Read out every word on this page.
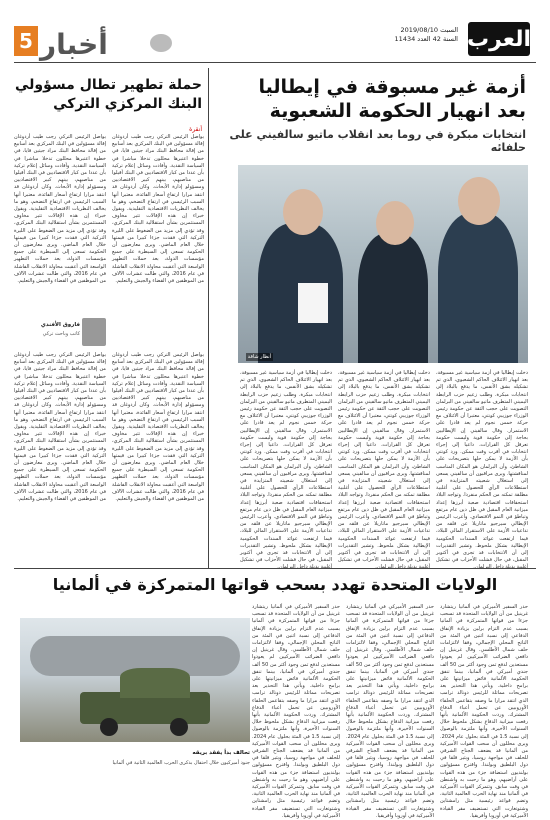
العرب
السبت 2019/08/10
السنة 42 العدد 11434
أخبار
5
أزمة غير مسبوقة في إيطاليا
بعد انهيار الحكومة الشعبوية
انتخابات مبكرة في روما بعد انقلاب ماتيو سالفيني على حلفائه
حملة تطهير تطال مسؤولي
البنك المركزي التركي
أنقرة
يواصل الرئيس التركي رجب طيب أردوغان إقالة مسؤولين في البنك المركزي بعد أسابيع من إقالة محافظ البنك مراد جيتين قايا، في خطوة اعتبرها محللون تدخلا مباشرا في السياسة النقدية. وأفادت وسائل إعلام تركية بأن عددا من كبار الاقتصاديين في البنك أقيلوا من مناصبهم، بينهم كبير الاقتصاديين ومسؤولو إدارة الأبحاث. وكان أردوغان قد انتقد مرارا ارتفاع أسعار الفائدة، معتبرا أنها السبب الرئيسي في ارتفاع التضخم، وهو ما يخالف النظريات الاقتصادية التقليدية. ويقول خبراء إن هذه الإقالات تثير مخاوف المستثمرين بشأن استقلالية البنك المركزي، وقد تؤدي إلى مزيد من الضغوط على الليرة التركية التي فقدت جزءا كبيرا من قيمتها خلال العام الماضي. ويرى معارضون أن الحكومة تسعى إلى السيطرة على جميع مؤسسات الدولة، بعد حملات التطهير الواسعة التي أعقبت محاولة الانقلاب الفاشلة في عام 2016، والتي طالت عشرات الآلاف من الموظفين في القضاء والجيش والتعليم.
يواصل الرئيس التركي رجب طيب أردوغان إقالة مسؤولين في البنك المركزي بعد أسابيع من إقالة محافظ البنك مراد جيتين قايا، في خطوة اعتبرها محللون تدخلا مباشرا في السياسة النقدية. وأفادت وسائل إعلام تركية بأن عددا من كبار الاقتصاديين في البنك أقيلوا من مناصبهم، بينهم كبير الاقتصاديين ومسؤولو إدارة الأبحاث. وكان أردوغان قد انتقد مرارا ارتفاع أسعار الفائدة، معتبرا أنها السبب الرئيسي في ارتفاع التضخم، وهو ما يخالف النظريات الاقتصادية التقليدية. ويقول خبراء إن هذه الإقالات تثير مخاوف المستثمرين بشأن استقلالية البنك المركزي، وقد تؤدي إلى مزيد من الضغوط على الليرة التركية التي فقدت جزءا كبيرا من قيمتها خلال العام الماضي. ويرى معارضون أن الحكومة تسعى إلى السيطرة على جميع مؤسسات الدولة، بعد حملات التطهير الواسعة التي أعقبت محاولة الانقلاب الفاشلة في عام 2016، والتي طالت عشرات الآلاف من الموظفين في القضاء والجيش والتعليم.
فاروق الأفندي
كاتب وباحث تركي
يواصل الرئيس التركي رجب طيب أردوغان إقالة مسؤولين في البنك المركزي بعد أسابيع من إقالة محافظ البنك مراد جيتين قايا، في خطوة اعتبرها محللون تدخلا مباشرا في السياسة النقدية. وأفادت وسائل إعلام تركية بأن عددا من كبار الاقتصاديين في البنك أقيلوا من مناصبهم، بينهم كبير الاقتصاديين ومسؤولو إدارة الأبحاث. وكان أردوغان قد انتقد مرارا ارتفاع أسعار الفائدة، معتبرا أنها السبب الرئيسي في ارتفاع التضخم، وهو ما يخالف النظريات الاقتصادية التقليدية. ويقول خبراء إن هذه الإقالات تثير مخاوف المستثمرين بشأن استقلالية البنك المركزي، وقد تؤدي إلى مزيد من الضغوط على الليرة التركية التي فقدت جزءا كبيرا من قيمتها خلال العام الماضي. ويرى معارضون أن الحكومة تسعى إلى السيطرة على جميع مؤسسات الدولة، بعد حملات التطهير الواسعة التي أعقبت محاولة الانقلاب الفاشلة في عام 2016، والتي طالت عشرات الآلاف من الموظفين في القضاء والجيش والتعليم.
يواصل الرئيس التركي رجب طيب أردوغان إقالة مسؤولين في البنك المركزي بعد أسابيع من إقالة محافظ البنك مراد جيتين قايا، في خطوة اعتبرها محللون تدخلا مباشرا في السياسة النقدية. وأفادت وسائل إعلام تركية بأن عددا من كبار الاقتصاديين في البنك أقيلوا من مناصبهم، بينهم كبير الاقتصاديين ومسؤولو إدارة الأبحاث. وكان أردوغان قد انتقد مرارا ارتفاع أسعار الفائدة، معتبرا أنها السبب الرئيسي في ارتفاع التضخم، وهو ما يخالف النظريات الاقتصادية التقليدية. ويقول خبراء إن هذه الإقالات تثير مخاوف المستثمرين بشأن استقلالية البنك المركزي، وقد تؤدي إلى مزيد من الضغوط على الليرة التركية التي فقدت جزءا كبيرا من قيمتها خلال العام الماضي. ويرى معارضون أن الحكومة تسعى إلى السيطرة على جميع مؤسسات الدولة، بعد حملات التطهير الواسعة التي أعقبت محاولة الانقلاب الفاشلة في عام 2016، والتي طالت عشرات الآلاف من الموظفين في القضاء والجيش والتعليم.
أنظار شاقة
دخلت إيطاليا في أزمة سياسية غير مسبوقة، بعد انهيار الائتلاف الحاكم الشعبوي، الذي تم تشكيله بشق الأنفس، ما يدفع بالبلاد إلى انتخابات مبكرة. وطلب زعيم حزب الرابطة اليميني المتطرف ماتيو سالفيني من البرلمان التصويت على حجب الثقة عن حكومة رئيس الوزراء جوزيبي كونتي، معتبرا أن الائتلاف مع حركة خمس نجوم لم يعد قادرا على الاستمرار. وقال سالفيني إن الإيطاليين بحاجة إلى حكومة قوية وليست حكومة تعرقل كل القرارات، داعيا إلى إجراء انتخابات في أقرب وقت ممكن. ورد كونتي بأن الأزمة لا يمكن حلها بتصريحات على الشاطئ، وأن البرلمان هو المكان المناسب لمناقشتها. ويرى مراقبون أن سالفيني يسعى إلى استغلال شعبيته المتزايدة في استطلاعات الرأي للحصول على أغلبية مطلقة تمكنه من الحكم منفردا. وتواجه البلاد استحقاقات اقتصادية صعبة أبرزها إعداد ميزانية العام المقبل في ظل دين عام مرتفع وتباطؤ في النمو الاقتصادي. وأعرب الرئيس الإيطالي سيرجيو ماتاريلا عن قلقه من تداعيات الأزمة على الاستقرار المالي للبلاد، فيما ارتفعت عوائد السندات الحكومية الإيطالية بشكل ملحوظ. وتشير التقديرات إلى أن الانتخابات قد تجرى في أكتوبر المقبل، في حال فشلت الأحزاب في تشكيل
دخلت إيطاليا في أزمة سياسية غير مسبوقة، بعد انهيار الائتلاف الحاكم الشعبوي، الذي تم تشكيله بشق الأنفس، ما يدفع بالبلاد إلى انتخابات مبكرة. وطلب زعيم حزب الرابطة اليميني المتطرف ماتيو سالفيني من البرلمان التصويت على حجب الثقة عن حكومة رئيس الوزراء جوزيبي كونتي، معتبرا أن الائتلاف مع حركة خمس نجوم لم يعد قادرا على الاستمرار. وقال سالفيني إن الإيطاليين بحاجة إلى حكومة قوية وليست حكومة تعرقل كل القرارات، داعيا إلى إجراء انتخابات في أقرب وقت ممكن. ورد كونتي بأن الأزمة لا يمكن حلها بتصريحات على الشاطئ، وأن البرلمان هو المكان المناسب لمناقشتها. ويرى مراقبون أن سالفيني يسعى إلى استغلال شعبيته المتزايدة في استطلاعات الرأي للحصول على أغلبية مطلقة تمكنه من الحكم منفردا. وتواجه البلاد استحقاقات اقتصادية صعبة أبرزها إعداد ميزانية العام المقبل في ظل دين عام مرتفع وتباطؤ في النمو الاقتصادي. وأعرب الرئيس الإيطالي سيرجيو ماتاريلا عن قلقه من تداعيات الأزمة على الاستقرار المالي للبلاد، فيما ارتفعت عوائد السندات الحكومية الإيطالية بشكل ملحوظ. وتشير التقديرات إلى أن الانتخابات قد تجرى في أكتوبر المقبل، في حال فشلت الأحزاب في تشكيل
دخلت إيطاليا في أزمة سياسية غير مسبوقة، بعد انهيار الائتلاف الحاكم الشعبوي، الذي تم تشكيله بشق الأنفس، ما يدفع بالبلاد إلى انتخابات مبكرة. وطلب زعيم حزب الرابطة اليميني المتطرف ماتيو سالفيني من البرلمان التصويت على حجب الثقة عن حكومة رئيس الوزراء جوزيبي كونتي، معتبرا أن الائتلاف مع حركة خمس نجوم لم يعد قادرا على الاستمرار. وقال سالفيني إن الإيطاليين بحاجة إلى حكومة قوية وليست حكومة تعرقل كل القرارات، داعيا إلى إجراء انتخابات في أقرب وقت ممكن. ورد كونتي بأن الأزمة لا يمكن حلها بتصريحات على الشاطئ، وأن البرلمان هو المكان المناسب لمناقشتها. ويرى مراقبون أن سالفيني يسعى إلى استغلال شعبيته المتزايدة في استطلاعات الرأي للحصول على أغلبية مطلقة تمكنه من الحكم منفردا. وتواجه البلاد استحقاقات اقتصادية صعبة أبرزها إعداد ميزانية العام المقبل في ظل دين عام مرتفع وتباطؤ في النمو الاقتصادي. وأعرب الرئيس الإيطالي سيرجيو ماتاريلا عن قلقه من تداعيات الأزمة على الاستقرار المالي للبلاد، فيما ارتفعت عوائد السندات الحكومية الإيطالية بشكل ملحوظ. وتشير التقديرات إلى أن الانتخابات قد تجرى في أكتوبر المقبل، في حال فشلت الأحزاب في تشكيل
الولايات المتحدة تهدد بسحب قواتها المتمركزة في ألمانيا
حذر السفير الأميركي في ألمانيا ريتشارد غرينيل من أن الولايات المتحدة قد تسحب جزءا من قواتها المتمركزة في ألمانيا بسبب عدم التزام برلين بزيادة الإنفاق الدفاعي إلى نسبة اثنين في المئة من الناتج المحلي الإجمالي، وفقا لالتزامات حلف شمال الأطلسي. وقال غرينيل إن دافعي الضرائب الأميركيين لم يعودوا مستعدين لدفع ثمن وجود أكثر من 50 ألف جندي أميركي في ألمانيا، بينما تنفق الحكومة الألمانية فائض ميزانيتها على برامج داخلية. ويأتي هذا التحذير بعد تصريحات مماثلة للرئيس دونالد ترامب الذي انتقد مرارا ما وصفه بتقاعس الحلفاء الأوروبيين عن تحمل أعباء الدفاع المشترك. وردت الحكومة الألمانية بأنها رفعت ميزانية الدفاع بشكل ملحوظ خلال السنوات الأخيرة، وأنها ملتزمة بالوصول إلى نسبة 1.5 في المئة بحلول عام 2024. ويرى محللون أن سحب القوات الأميركية من ألمانيا قد يضعف الجناح الشرقي للحلف في مواجهة روسيا، ويثير قلقا في دول البلطيق وبولندا. واقترح مسؤولون بولنديون استضافة جزء من هذه القوات على أراضيهم، وهو ما رحبت به واشنطن في وقت سابق. وتتمركز القوات الأميركية في ألمانيا منذ نهاية الحرب العالمية الثانية، وتضم قواعد رئيسية مثل رامشتاين وشتوتغارت التي تستضيف مقر القيادة الأميركية في أوروبا وأفريقيا.
حذر السفير الأميركي في ألمانيا ريتشارد غرينيل من أن الولايات المتحدة قد تسحب جزءا من قواتها المتمركزة في ألمانيا بسبب عدم التزام برلين بزيادة الإنفاق الدفاعي إلى نسبة اثنين في المئة من الناتج المحلي الإجمالي، وفقا لالتزامات حلف شمال الأطلسي. وقال غرينيل إن دافعي الضرائب الأميركيين لم يعودوا مستعدين لدفع ثمن وجود أكثر من 50 ألف جندي أميركي في ألمانيا، بينما تنفق الحكومة الألمانية فائض ميزانيتها على برامج داخلية. ويأتي هذا التحذير بعد تصريحات مماثلة للرئيس دونالد ترامب الذي انتقد مرارا ما وصفه بتقاعس الحلفاء الأوروبيين عن تحمل أعباء الدفاع المشترك. وردت الحكومة الألمانية بأنها رفعت ميزانية الدفاع بشكل ملحوظ خلال السنوات الأخيرة، وأنها ملتزمة بالوصول إلى نسبة 1.5 في المئة بحلول عام 2024. ويرى محللون أن سحب القوات الأميركية من ألمانيا قد يضعف الجناح الشرقي للحلف في مواجهة روسيا، ويثير قلقا في دول البلطيق وبولندا. واقترح مسؤولون بولنديون استضافة جزء من هذه القوات على أراضيهم، وهو ما رحبت به واشنطن في وقت سابق. وتتمركز القوات الأميركية في ألمانيا منذ نهاية الحرب العالمية الثانية، وتضم قواعد رئيسية مثل رامشتاين وشتوتغارت التي تستضيف مقر القيادة الأميركية في أوروبا وأفريقيا.
حذر السفير الأميركي في ألمانيا ريتشارد غرينيل من أن الولايات المتحدة قد تسحب جزءا من قواتها المتمركزة في ألمانيا بسبب عدم التزام برلين بزيادة الإنفاق الدفاعي إلى نسبة اثنين في المئة من الناتج المحلي الإجمالي، وفقا لالتزامات حلف شمال الأطلسي. وقال غرينيل إن دافعي الضرائب الأميركيين لم يعودوا مستعدين لدفع ثمن وجود أكثر من 50 ألف جندي أميركي في ألمانيا، بينما تنفق الحكومة الألمانية فائض ميزانيتها على برامج داخلية. ويأتي هذا التحذير بعد تصريحات مماثلة للرئيس دونالد ترامب الذي انتقد مرارا ما وصفه بتقاعس الحلفاء الأوروبيين عن تحمل أعباء الدفاع المشترك. وردت الحكومة الألمانية بأنها رفعت ميزانية الدفاع بشكل ملحوظ خلال السنوات الأخيرة، وأنها ملتزمة بالوصول إلى نسبة 1.5 في المئة بحلول عام 2024. ويرى محللون أن سحب القوات الأميركية من ألمانيا قد يضعف الجناح الشرقي للحلف في مواجهة روسيا، ويثير قلقا في دول البلطيق وبولندا. واقترح مسؤولون بولنديون استضافة جزء من هذه القوات على أراضيهم، وهو ما رحبت به واشنطن في وقت سابق. وتتمركز القوات الأميركية في ألمانيا منذ نهاية الحرب العالمية الثانية، وتضم قواعد رئيسية مثل رامشتاين وشتوتغارت التي تستضيف مقر القيادة الأميركية في أوروبا وأفريقيا.
تحالف بدأ يفقد بريقه
جنود أميركيون خلال احتفال بذكرى الحرب العالمية الثانية في ألمانيا
